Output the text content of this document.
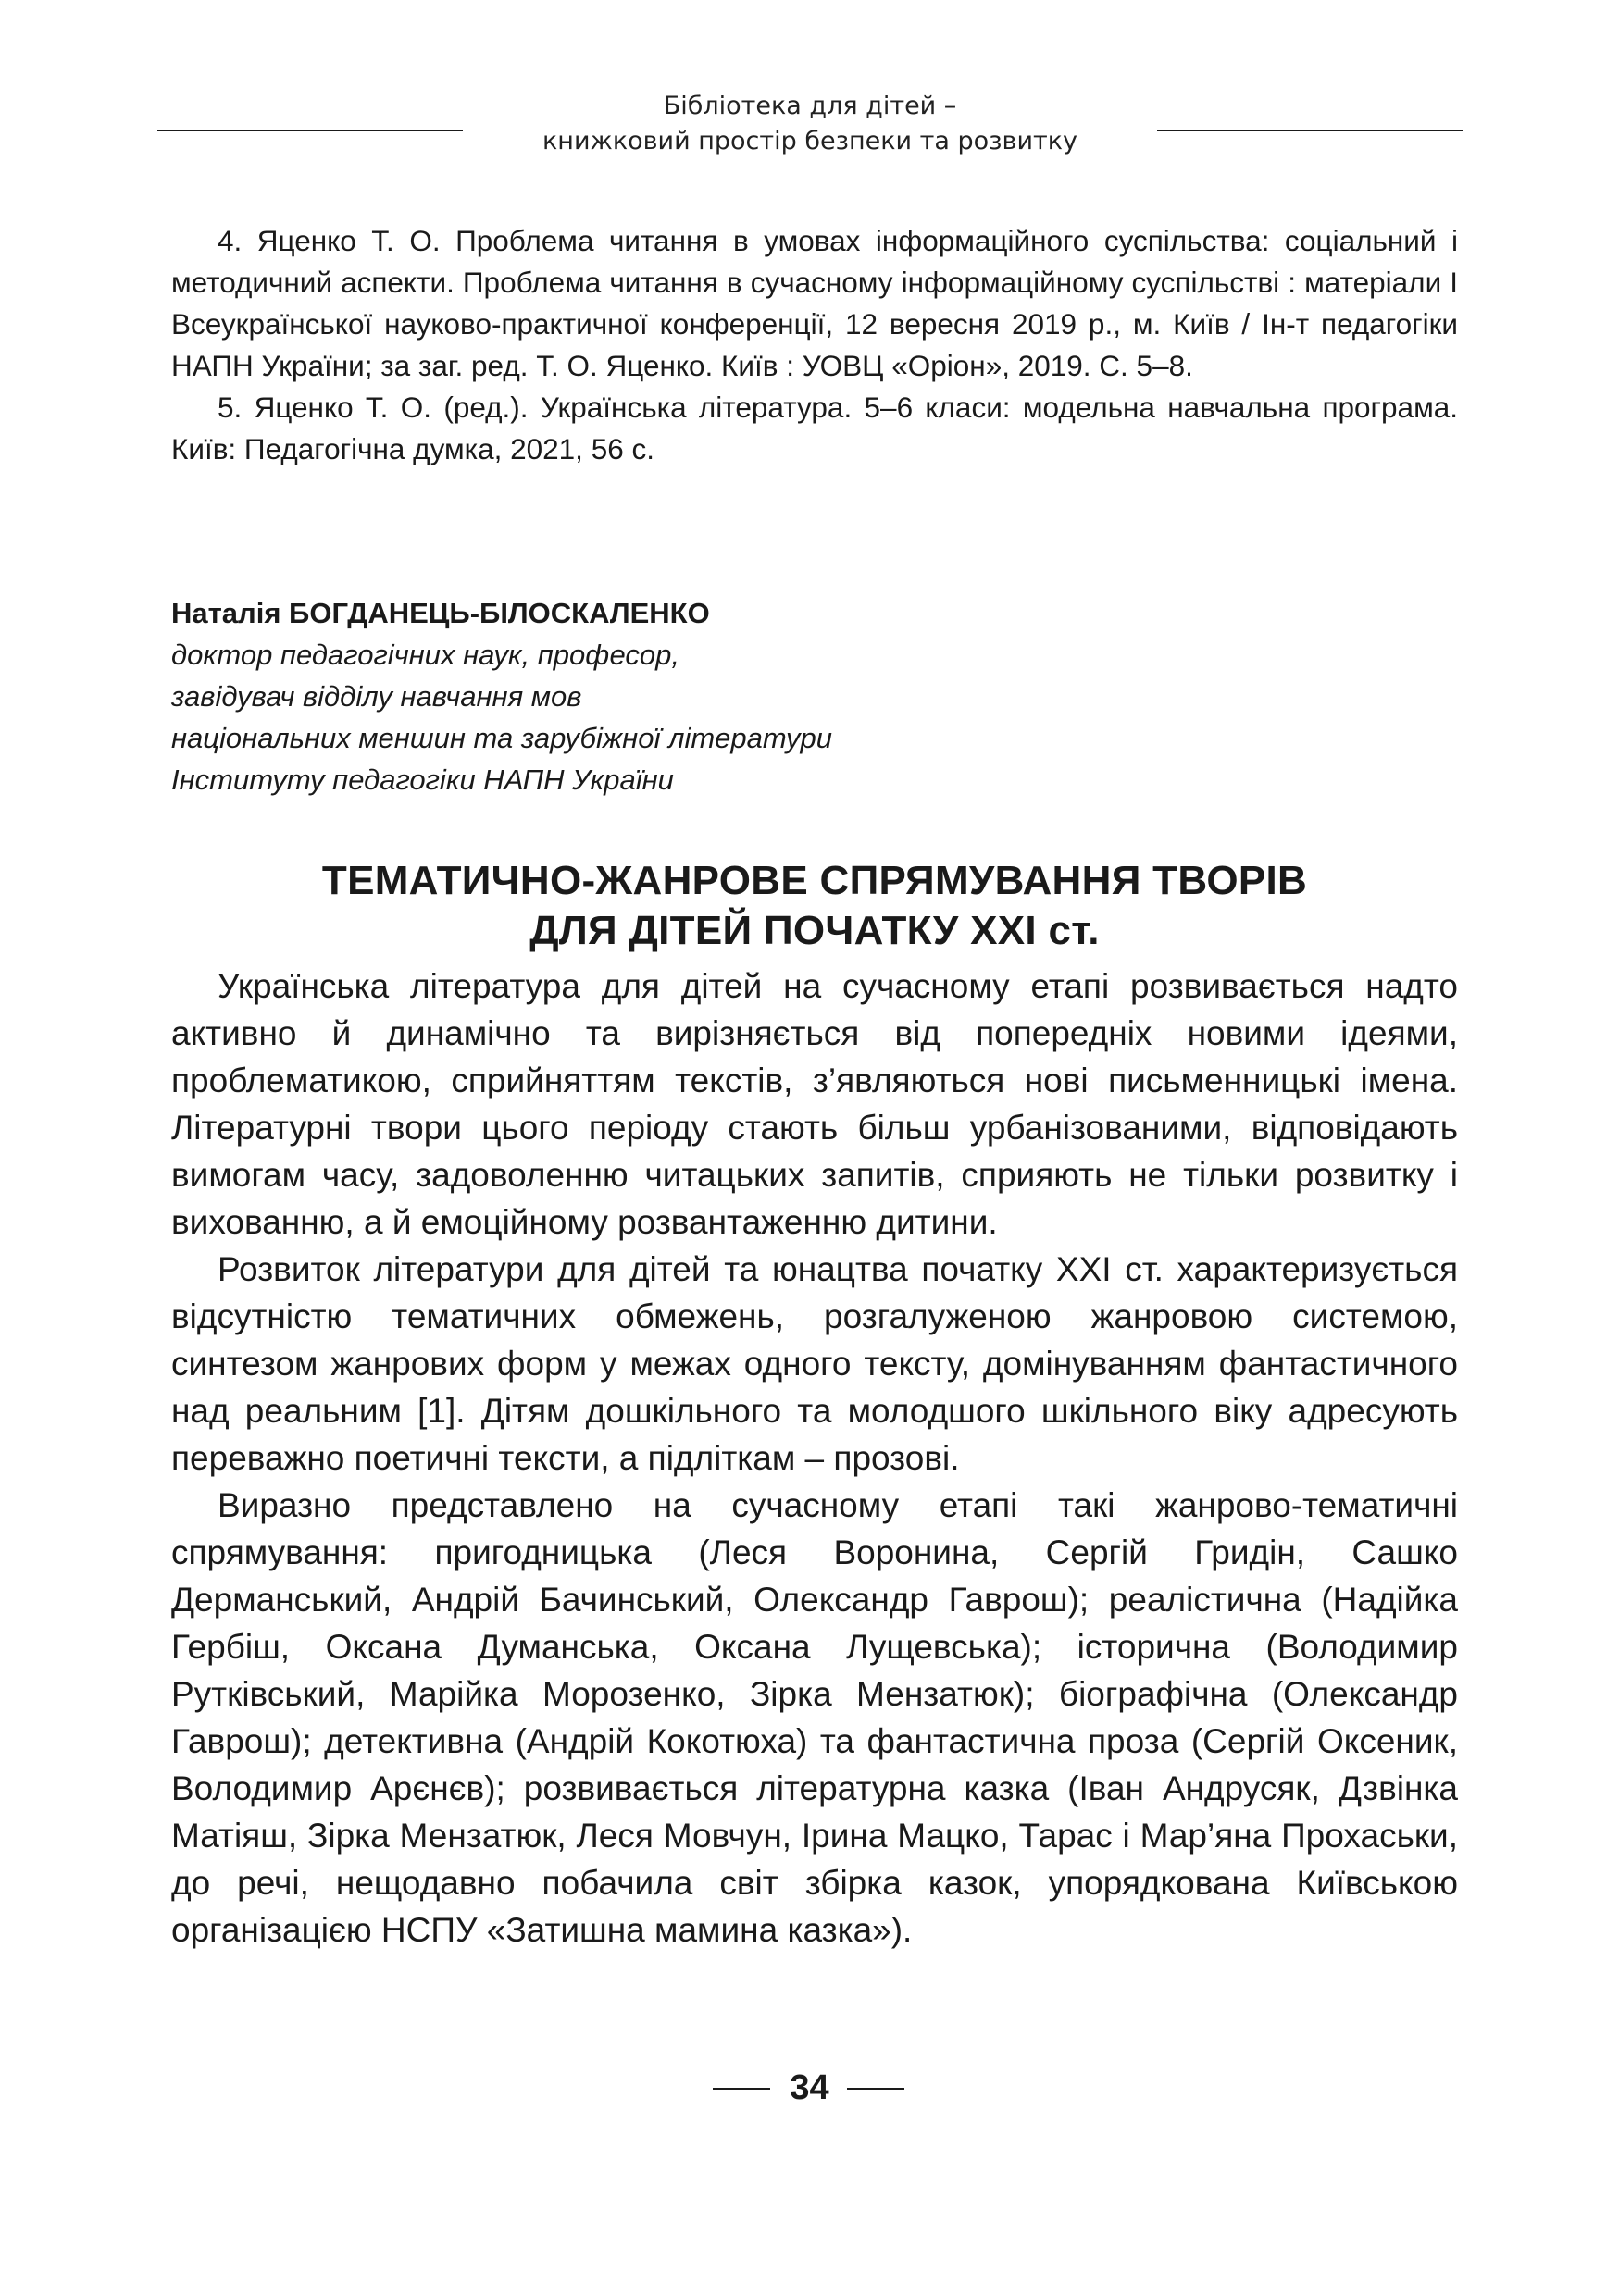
Бібліотека для дітей –
книжковий простір безпеки та розвитку

4. Яценко Т. О. Проблема читання в умовах інформаційного суспільства: соціальний і методичний аспекти. Проблема читання в сучасному інформаційному суспільстві : матеріали І Всеукраїнської науково-практичної конференції, 12 вересня 2019 р., м. Київ / Ін-т педагогіки НАПН України; за заг. ред. Т. О. Яценко. Київ : УОВЦ «Оріон», 2019. С. 5–8.

5. Яценко Т. О. (ред.). Українська література. 5–6 класи: модельна навчальна програма. Київ: Педагогічна думка, 2021, 56 с.

Наталія БОГДАНЕЦЬ-БІЛОСКАЛЕНКО
доктор педагогічних наук, професор,
завідувач відділу навчання мов
національних меншин та зарубіжної літератури
Інституту педагогіки НАПН України
ТЕМАТИЧНО-ЖАНРОВЕ СПРЯМУВАННЯ ТВОРІВ
ДЛЯ ДІТЕЙ ПОЧАТКУ XXI ст.

Українська література для дітей на сучасному етапі розвивається надто активно й динамічно та вирізняється від попередніх новими ідеями, проблематикою, сприйняттям текстів, з’являються нові письменницькі імена. Літературні твори цього періоду стають більш урбанізованими, відповідають вимогам часу, задоволенню читацьких запитів, сприяють не тільки розвитку і вихованню, а й емоційному розвантаженню дитини.

Розвиток літератури для дітей та юнацтва початку XXI ст. характеризується відсутністю тематичних обмежень, розгалуженою жанровою системою, синтезом жанрових форм у межах одного тексту, домінуванням фантастичного над реальним [1]. Дітям дошкільного та молодшого шкільного віку адресують переважно поетичні тексти, а підліткам – прозові.

Виразно представлено на сучасному етапі такі жанрово-тематичні спрямування: пригодницька (Леся Воронина, Сергій Гридін, Сашко Дерманський, Андрій Бачинський, Олександр Гаврош); реалістична (Надійка Гербіш, Оксана Думанська, Оксана Лущевська); історична (Володимир Рутківський, Марійка Морозенко, Зірка Мензатюк); біографічна (Олександр Гаврош); детективна (Андрій Кокотюха) та фантастична проза (Сергій Оксеник, Володимир Арєнєв); розвивається літературна казка (Іван Андрусяк, Дзвінка Матіяш, Зірка Мензатюк, Леся Мовчун, Ірина Мацко, Тарас і Мар’яна Прохаськи, до речі, нещодавно побачила світ збірка казок, упорядкована Київською організацією НСПУ «Затишна мамина казка»).

34
